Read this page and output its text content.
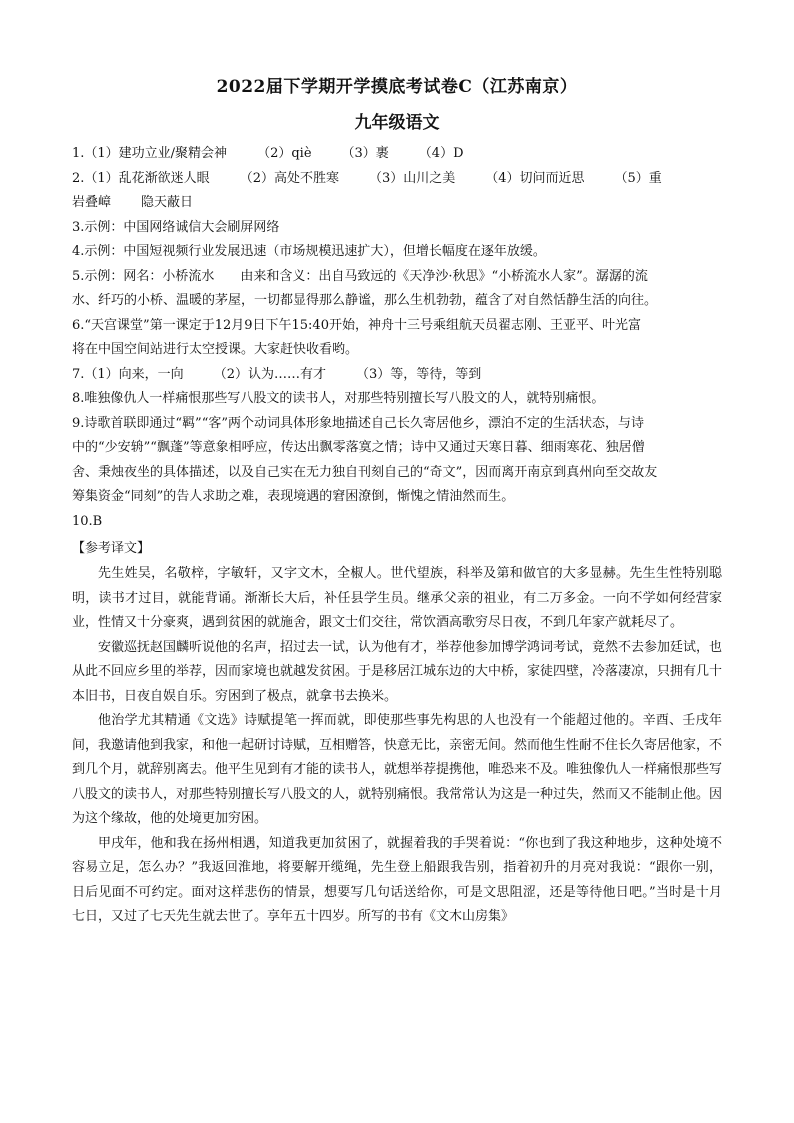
2022届下学期开学摸底考试卷C（江苏南京）
九年级语文

1.（1）建功立业/聚精会神 （2）qiè （3）裹 （4）D

2.（1）乱花渐欲迷人眼 （2）高处不胜寒 （3）山川之美 （4）切问而近思 （5）重

岩叠嶂 隐天蔽日

3.示例：中国网络诚信大会刷屏网络

4.示例：中国短视频行业发展迅速（市场规模迅速扩大），但增长幅度在逐年放缓。

5.示例：网名：小桥流水　　由来和含义：出自马致远的《天净沙·秋思》“小桥流水人家”。潺潺的流

水、纤巧的小桥、温暖的茅屋，一切都显得那么静谧，那么生机勃勃，蕴含了对自然恬静生活的向往。

6.“天宫课堂”第一课定于12月9日下午15:40开始，神舟十三号乘组航天员翟志刚、王亚平、叶光富

将在中国空间站进行太空授课。大家赶快收看哟。

7.（1）向来，一向 （2）认为……有才 （3）等，等待，等到

8.唯独像仇人一样痛恨那些写八股文的读书人，对那些特别擅长写八股文的人，就特别痛恨。

9.诗歌首联即通过“羁”“客”两个动词具体形象地描述自己长久寄居他乡，漂泊不定的生活状态，与诗

中的“少安辀”“飘蓬”等意象相呼应，传达出飘零落寞之情；诗中又通过天寒日暮、细雨寒花、独居僧

舍、秉烛夜坐的具体描述，以及自己实在无力独自刊刻自己的“奇文”，因而离开南京到真州向至交故友

筹集资金“同刻”的告人求助之难，表现境遇的窘困潦倒，惭愧之情油然而生。

10.B

【参考译文】

先生姓吴，名敬梓，字敏轩，又字文木，全椒人。世代望族，科举及第和做官的大多显赫。先生生性特别聪明，读书才过目，就能背诵。渐渐长大后，补任县学生员。继承父亲的祖业，有二万多金。一向不学如何经营家业，性情又十分豪爽，遇到贫困的就施舍，跟文士们交往，常饮酒高歌穷尽日夜，不到几年家产就耗尽了。

安徽巡抚赵国麟听说他的名声，招过去一试，认为他有才，举荐他参加博学鸿词考试，竟然不去参加廷试，也从此不回应乡里的举荐，因而家境也就越发贫困。于是移居江城东边的大中桥，家徒四壁，冷落凄凉，只拥有几十本旧书，日夜自娱自乐。穷困到了极点，就拿书去换米。

他治学尤其精通《文选》诗赋提笔一挥而就，即使那些事先构思的人也没有一个能超过他的。辛酉、壬戌年间，我邀请他到我家，和他一起研讨诗赋，互相赠答，快意无比，亲密无间。然而他生性耐不住长久寄居他家，不到几个月，就辞别离去。他平生见到有才能的读书人，就想举荐提携他，唯恐来不及。唯独像仇人一样痛恨那些写八股文的读书人，对那些特别擅长写八股文的人，就特别痛恨。我常常认为这是一种过失，然而又不能制止他。因为这个缘故，他的处境更加穷困。

甲戌年，他和我在扬州相遇，知道我更加贫困了，就握着我的手哭着说：“你也到了我这种地步，这种处境不容易立足，怎么办？”我返回淮地，将要解开缆绳，先生登上船跟我告别，指着初升的月亮对我说：“跟你一别，日后见面不可约定。面对这样悲伤的情景，想要写几句话送给你，可是文思阻涩，还是等待他日吧。”当时是十月七日，又过了七天先生就去世了。享年五十四岁。所写的书有《文木山房集》
